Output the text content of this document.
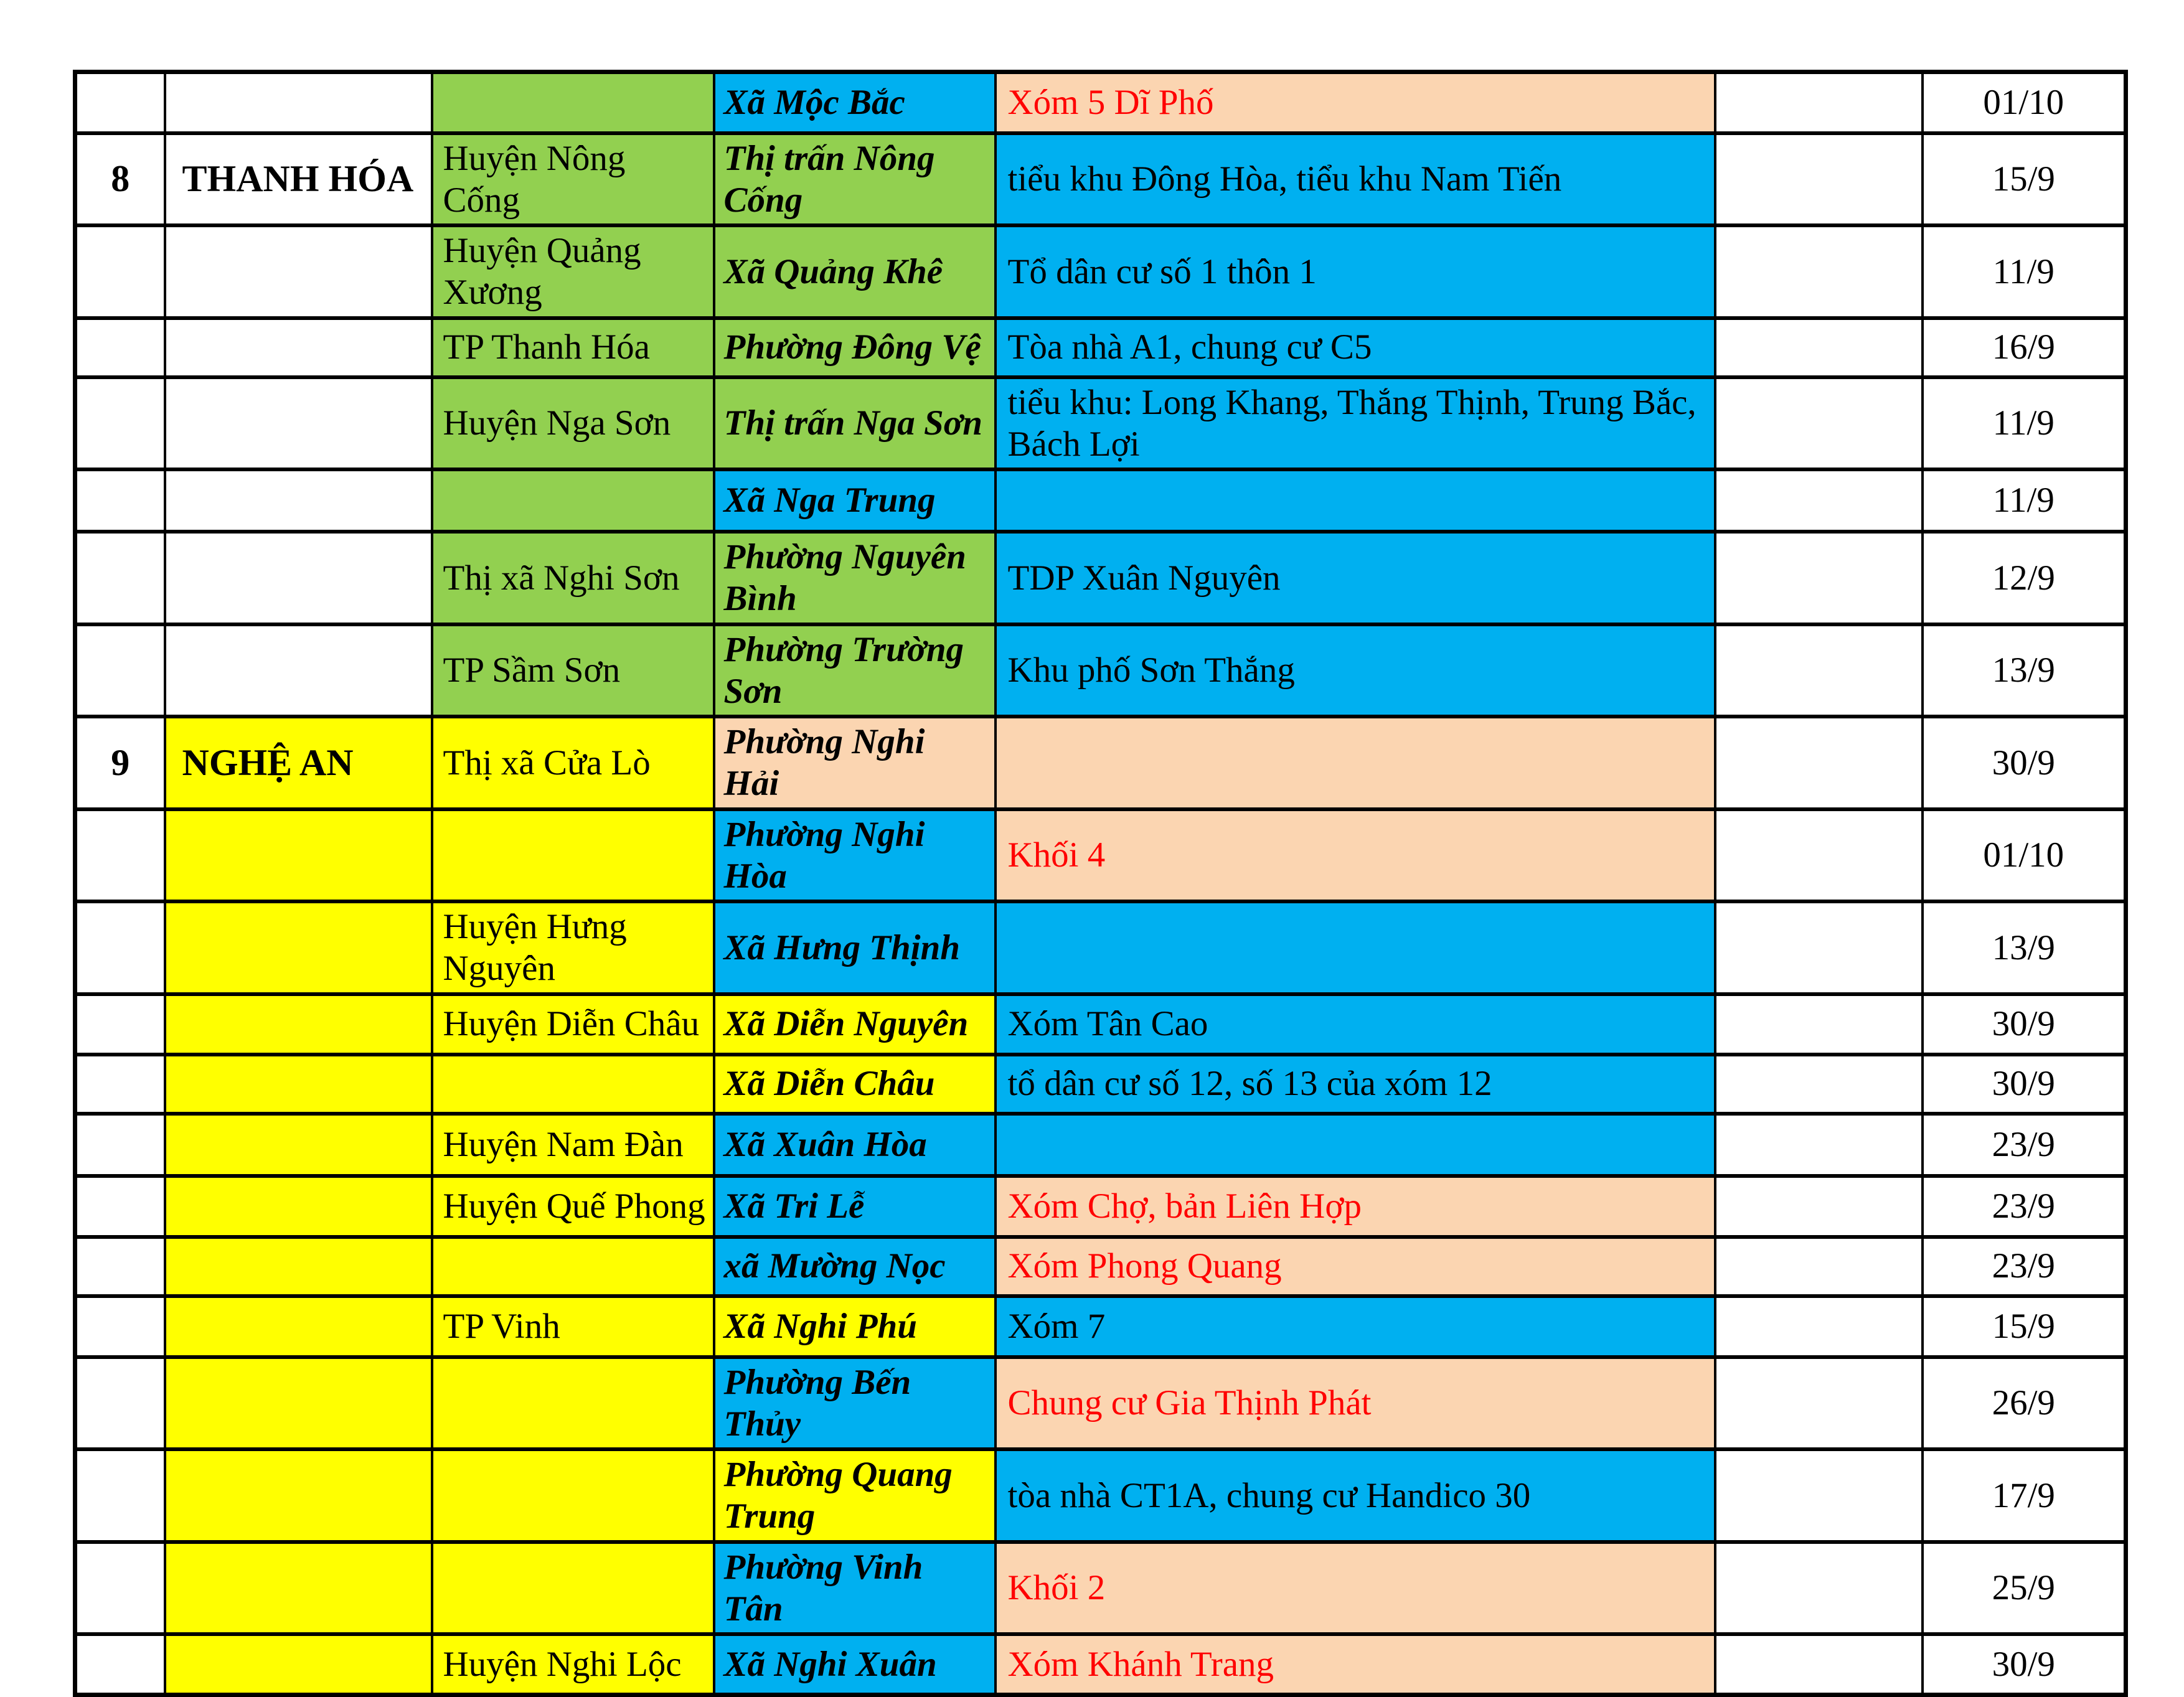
			Xã Mộc Bắc	Xóm 5 Dĩ Phố		01/10
8	THANH HÓA	Huyện Nông Cống	Thị trấn Nông Cống	tiểu khu Đông Hòa, tiểu khu Nam Tiến		15/9
		Huyện Quảng Xương	Xã Quảng Khê	Tổ dân cư số 1 thôn 1		11/9
		TP Thanh Hóa	Phường Đông Vệ	Tòa nhà A1, chung cư C5		16/9
		Huyện Nga Sơn	Thị trấn Nga Sơn	tiểu khu: Long Khang, Thắng Thịnh, Trung Bắc, Bách Lợi		11/9
			Xã Nga Trung			11/9
		Thị xã Nghi Sơn	Phường Nguyên Bình	TDP Xuân Nguyên		12/9
		TP Sầm Sơn	Phường Trường Sơn	Khu phố Sơn Thắng		13/9
9	NGHỆ AN	Thị xã Cửa Lò	Phường Nghi Hải			30/9
			Phường Nghi Hòa	Khối 4		01/10
		Huyện Hưng Nguyên	Xã Hưng Thịnh			13/9
		Huyện Diễn Châu	Xã Diễn Nguyên	Xóm Tân Cao		30/9
			Xã Diễn Châu	tổ dân cư số 12, số 13 của xóm 12		30/9
		Huyện Nam Đàn	Xã Xuân Hòa			23/9
		Huyện Quế Phong	Xã Tri Lễ	Xóm Chợ, bản Liên Hợp		23/9
			xã Mường Nọc	Xóm Phong Quang		23/9
		TP Vinh	Xã Nghi Phú	Xóm 7		15/9
			Phường Bến Thủy	Chung cư Gia Thịnh Phát		26/9
			Phường Quang Trung	tòa nhà CT1A, chung cư Handico 30		17/9
			Phường Vinh Tân	Khối 2		25/9
		Huyện Nghi Lộc	Xã Nghi Xuân	Xóm Khánh Trang		30/9
